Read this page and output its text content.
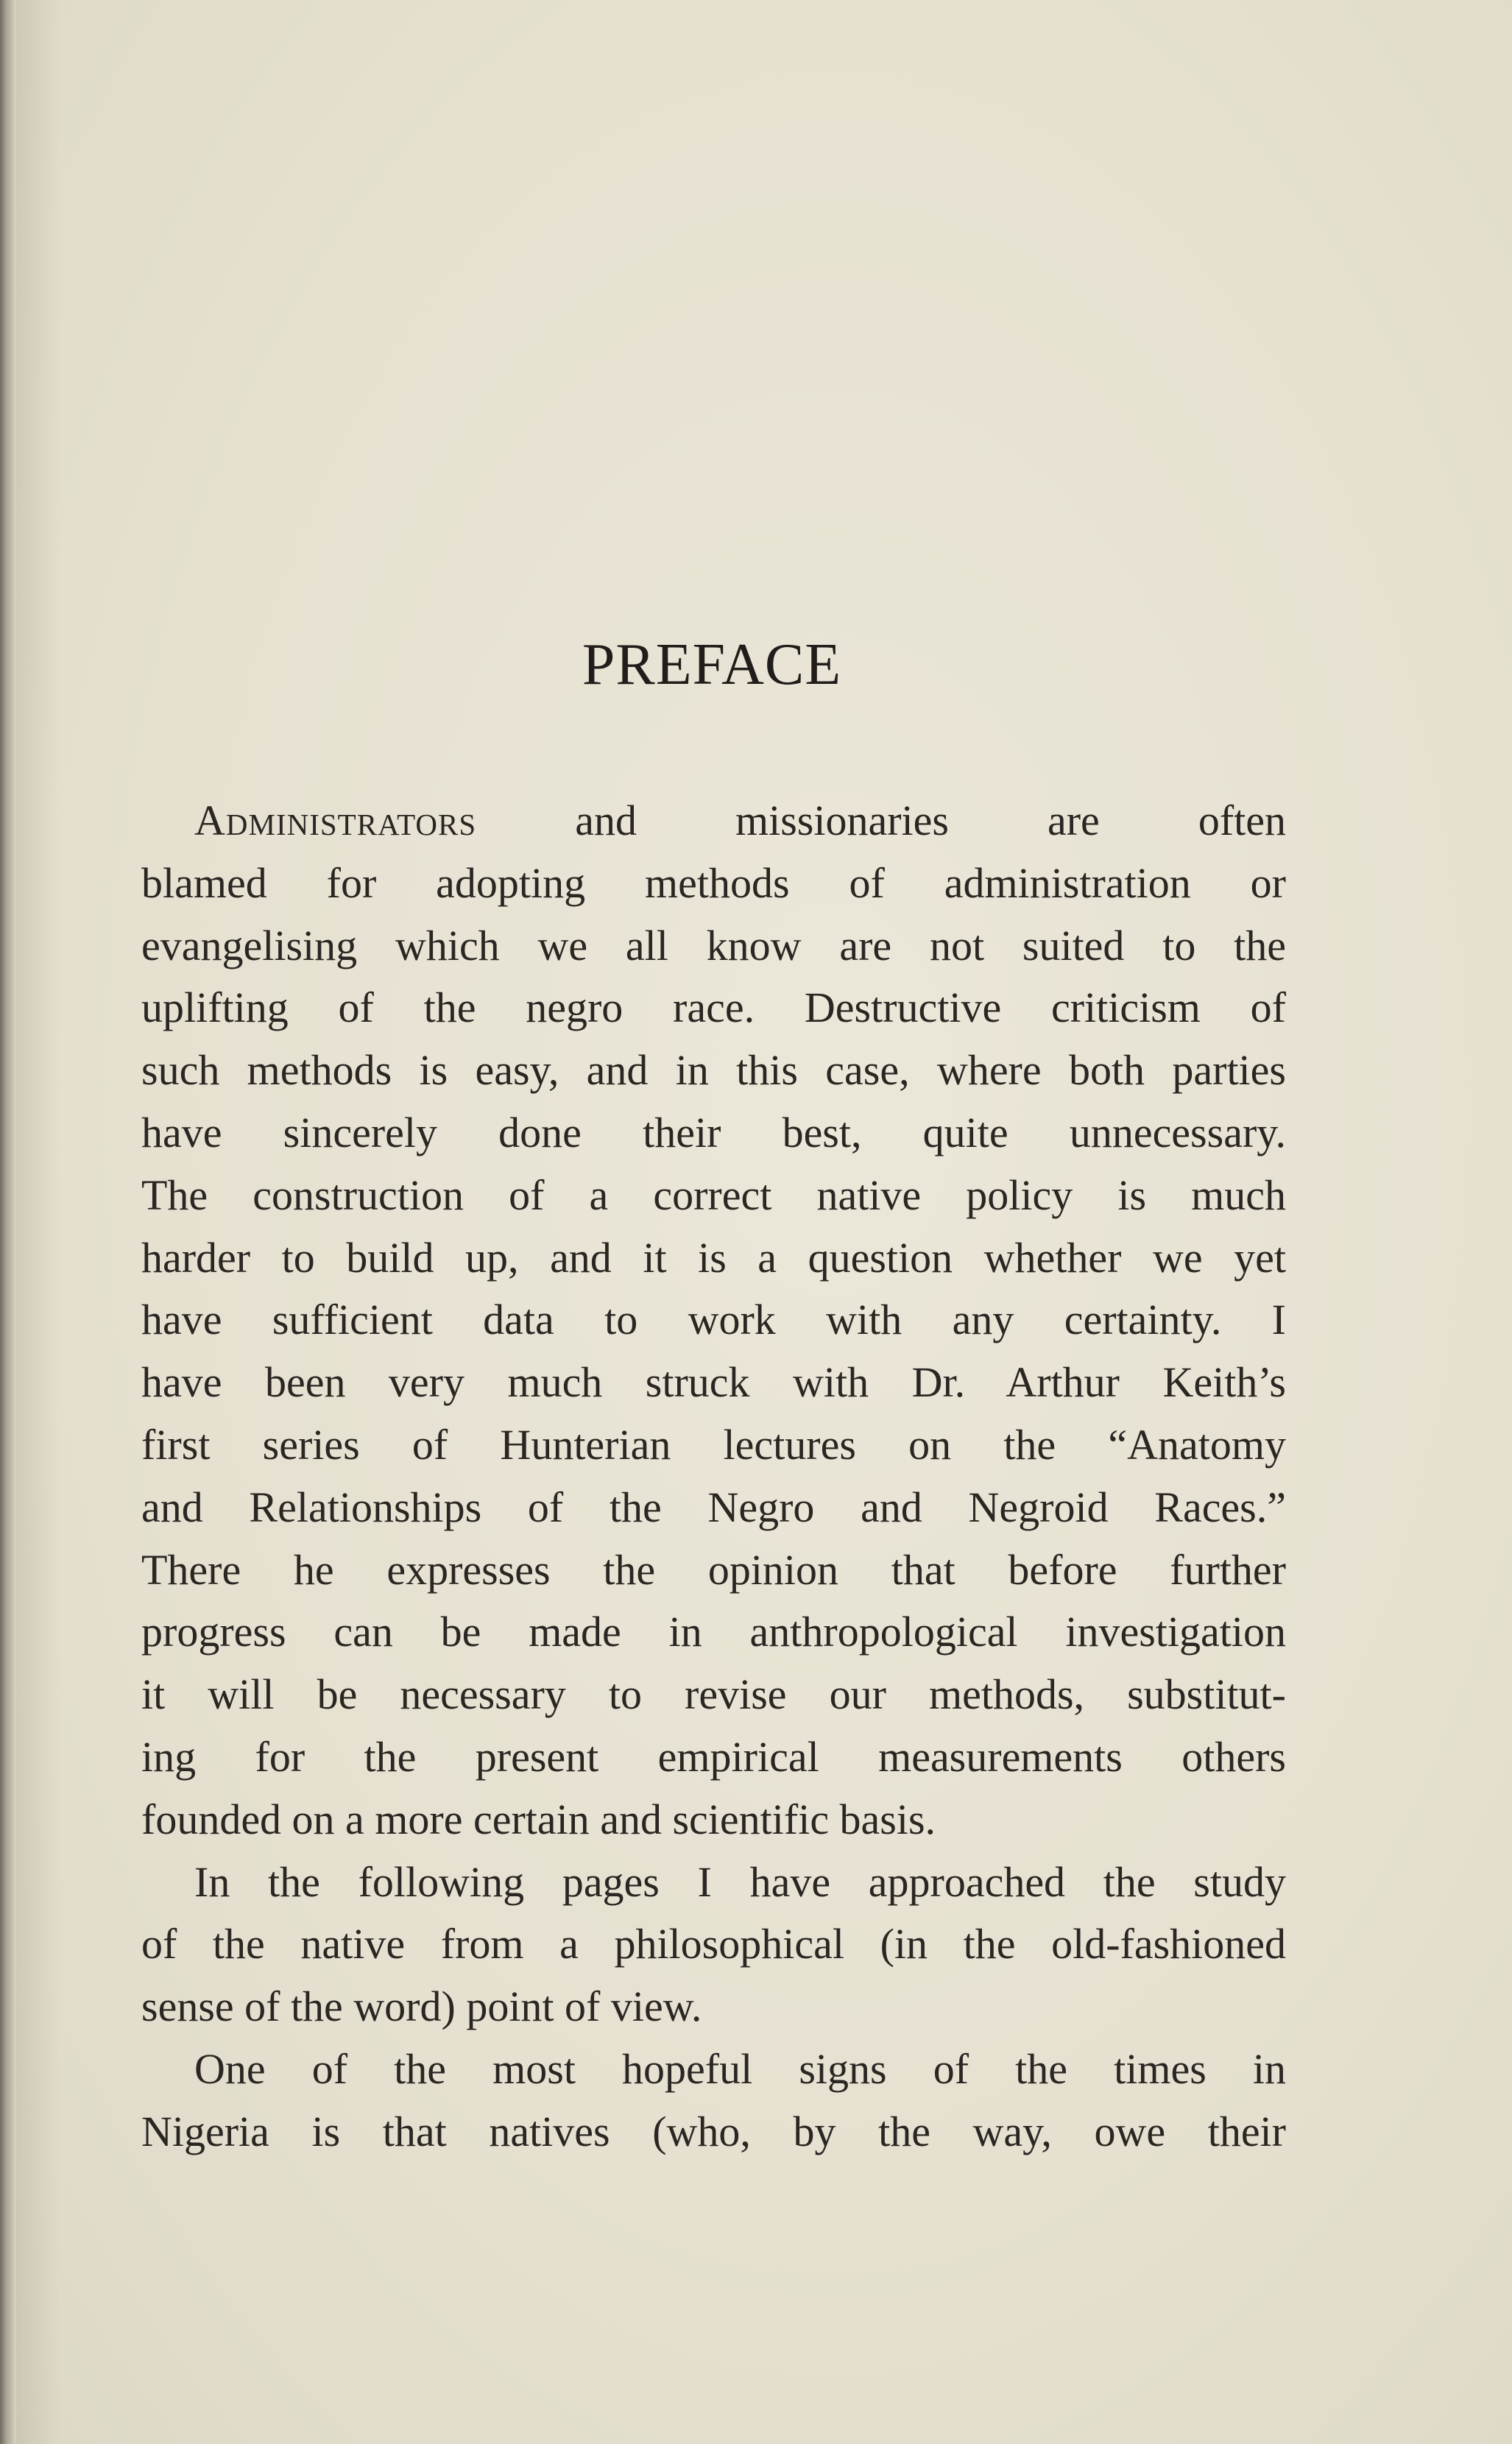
PREFACE
Administrators and missionaries are often
blamed for adopting methods of administration or
evangelising which we all know are not suited to the
uplifting of the negro race. Destructive criticism of
such methods is easy, and in this case, where both parties
have sincerely done their best, quite unnecessary.
The construction of a correct native policy is much
harder to build up, and it is a question whether we yet
have sufficient data to work with any certainty. I
have been very much struck with Dr. Arthur Keith’s
first series of Hunterian lectures on the “Anatomy
and Relationships of the Negro and Negroid Races.”
There he expresses the opinion that before further
progress can be made in anthropological investigation
it will be necessary to revise our methods, substitut-
ing for the present empirical measurements others
founded on a more certain and scientific basis.
In the following pages I have approached the study
of the native from a philosophical (in the old-fashioned
sense of the word) point of view.
One of the most hopeful signs of the times in
Nigeria is that natives (who, by the way, owe their
